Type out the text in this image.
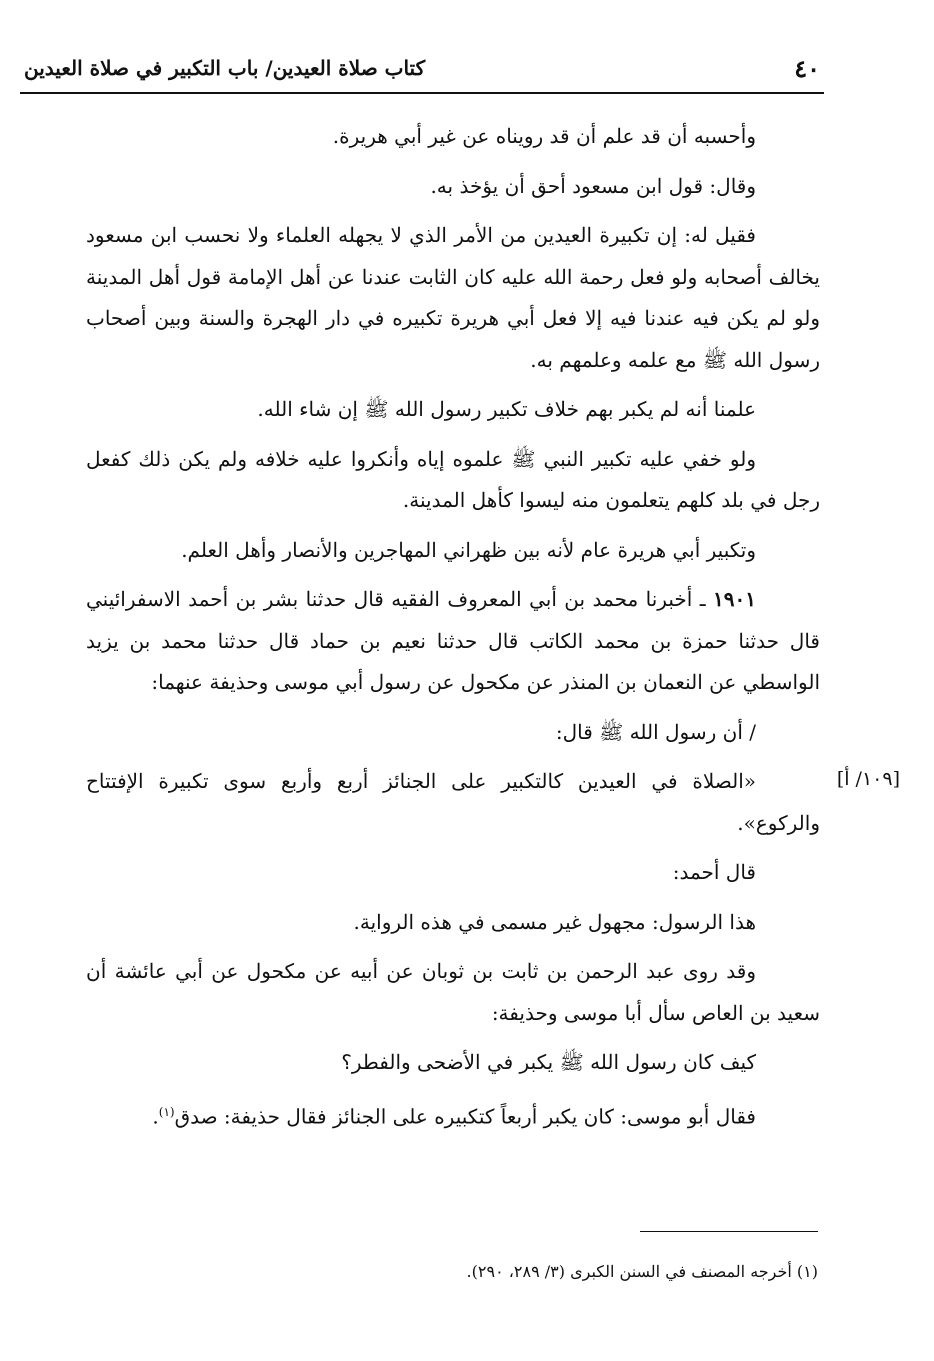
٤٠
كتاب صلاة العيدين/ باب التكبير في صلاة العيدين

وأحسبه أن قد علم أن قد رويناه عن غير أبي هريرة.

وقال: قول ابن مسعود أحق أن يؤخذ به.

فقيل له: إن تكبيرة العيدين من الأمر الذي لا يجهله العلماء ولا نحسب ابن مسعود يخالف أصحابه ولو فعل رحمة الله عليه كان الثابت عندنا عن أهل الإمامة قول أهل المدينة ولو لم يكن فيه عندنا فيه إلا فعل أبي هريرة تكبيره في دار الهجرة والسنة وبين أصحاب رسول الله ﷺ مع علمه وعلمهم به.

علمنا أنه لم يكبر بهم خلاف تكبير رسول الله ﷺ إن شاء الله.

ولو خفي عليه تكبير النبي ﷺ علموه إياه وأنكروا عليه خلافه ولم يكن ذلك كفعل رجل في بلد كلهم يتعلمون منه ليسوا كأهل المدينة.

وتكبير أبي هريرة عام لأنه بين ظهراني المهاجرين والأنصار وأهل العلم.

١٩٠١ ـ أخبرنا محمد بن أبي المعروف الفقيه قال حدثنا بشر بن أحمد الاسفرائيني قال حدثنا حمزة بن محمد الكاتب قال حدثنا نعيم بن حماد قال حدثنا محمد بن يزيد الواسطي عن النعمان بن المنذر عن مكحول عن رسول أبي موسى وحذيفة عنهما:

/ أن رسول الله ﷺ قال:

«الصلاة في العيدين كالتكبير على الجنائز أربع وأربع سوى تكبيرة الإفتتاح والركوع».

قال أحمد:

هذا الرسول: مجهول غير مسمى في هذه الرواية.

وقد روى عبد الرحمن بن ثابت بن ثوبان عن أبيه عن مكحول عن أبي عائشة أن سعيد بن العاص سأل أبا موسى وحذيفة:

كيف كان رسول الله ﷺ يكبر في الأضحى والفطر؟

فقال أبو موسى: كان يكبر أربعاً كتكبيره على الجنائز فقال حذيفة: صدق$^{(١)}$.

[١٠٩/ أ]
(١) أخرجه المصنف في السنن الكبرى (٣/ ٢٨٩، ٢٩٠).
